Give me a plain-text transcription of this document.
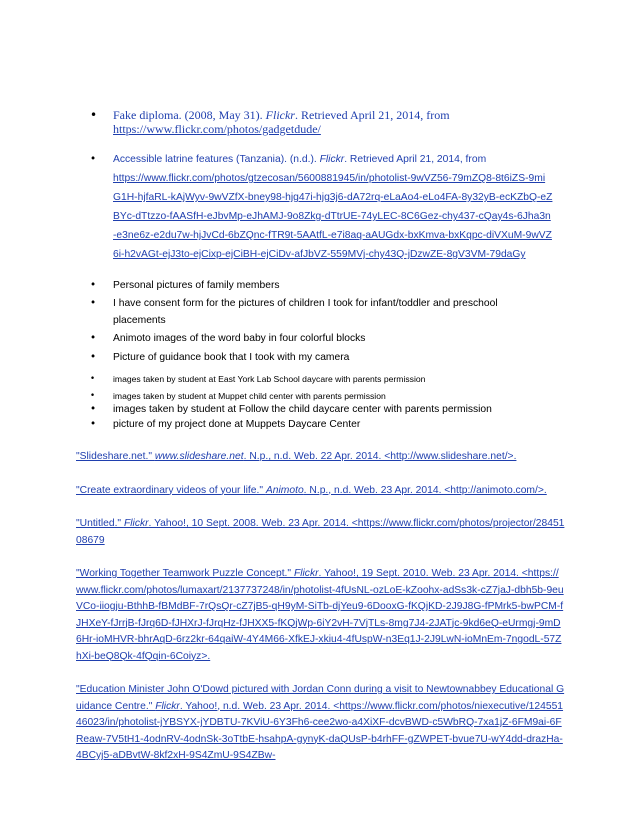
• Fake diploma. (2008, May 31). Flickr. Retrieved April 21, 2014, from
https://www.flickr.com/photos/gadgetdude/
• Accessible latrine features (Tanzania). (n.d.). Flickr. Retrieved April 21, 2014, from
https://www.flickr.com/photos/gtzecosan/5600881945/in/photolist-9wVZ56-79mZQ8-8t6iZS-9miG1H-hjfaRL-kAjWyv-9wVZfX-bney98-hjg47i-hjg3j6-dA72rq-eLaAo4-eLo4FA-8y32yB-ecKZbQ-eZBYc-dTtzzo-fAASfH-eJbvMp-eJhAMJ-9o8Zkg-dTtrUE-74yLEC-8C6Gez-chy437-cQay4s-6Jha3n-e3ne6z-e2du7w-hjJvCd-6bZQnc-fTR9t-5AAtfL-e7i8aq-aAUGdx-bxKmva-bxKqpc-diVXuM-9wVZ6i-h2vAGt-ejJ3to-ejCixp-ejCiBH-ejCiDv-afJbVZ-559MVj-chy43Q-jDzwZE-8gV3VM-79daGy
• Personal pictures of family members
• I have consent form for the pictures of children I took for infant/toddler and preschool placements
• Animoto images of the word baby in four colorful blocks
• Picture of guidance book that I took with my camera
• images taken by student at East York Lab School daycare with parents permission
• images taken by student at Muppet child center with parents permission
• images taken by student at Follow the child daycare center with parents permission
• picture of my project done at Muppets Daycare Center

"Slideshare.net." www.slideshare.net. N.p., n.d. Web. 22 Apr. 2014. <http://www.slideshare.net/>.

"Create extraordinary videos of your life." Animoto. N.p., n.d. Web. 23 Apr. 2014. <http://animoto.com/>.

"Untitled." Flickr. Yahoo!, 10 Sept. 2008. Web. 23 Apr. 2014. <https://www.flickr.com/photos/projector/2845108679

"Working Together Teamwork Puzzle Concept." Flickr. Yahoo!, 19 Sept. 2010. Web. 23 Apr. 2014. <https://www.flickr.com/photos/lumaxart/2137737248/in/photolist-4fUsNL-ozLoE-kZoohx-adSs3k-cZ7jaJ-dbh5b-9euVCo-iiogju-BthhB-fBMdBF-7rQsQr-cZ7jB5-qH9yM-SiTb-djYeu9-6DooxG-fKQjKD-2J9J8G-fPMrk5-bwPCM-fJHXeY-fJrrjB-fJrq6D-fJHXrJ-fJrqHz-fJHXX5-fKQjWp-6iY2vH-7VjTLs-8mg7J4-2JATjc-9kd6eQ-eUrmgj-9mD6Hr-ioMHVR-bhrAqD-6rz2kr-64qaiW-4Y4M66-XfkEJ-xkiu4-4fUspW-n3Eq1J-2J9LwN-ioMnEm-7ngodL-57ZhXi-beQ8Qk-4fQqin-6Coiyz>.

"Education Minister John O'Dowd pictured with Jordan Conn during a visit to Newtownabbey Educational Guidance Centre." Flickr. Yahoo!, n.d. Web. 23 Apr. 2014. <https://www.flickr.com/photos/niexecutive/12455146023/in/photolist-jYBSYX-jYDBTU-7KViU-6Y3Fh6-cee2wo-a4XiXF-dcvBWD-c5WbRQ-7xa1jZ-6FM9ai-6FReaw-7V5tH1-4odnRV-4odnSk-3oTtbE-hsahpA-gynyK-daQUsP-b4rhFF-gZWPET-bvue7U-wY4dd-drazHa-4BCyj5-aDBvtW-8kf2xH-9S4ZmU-9S4ZBw-
